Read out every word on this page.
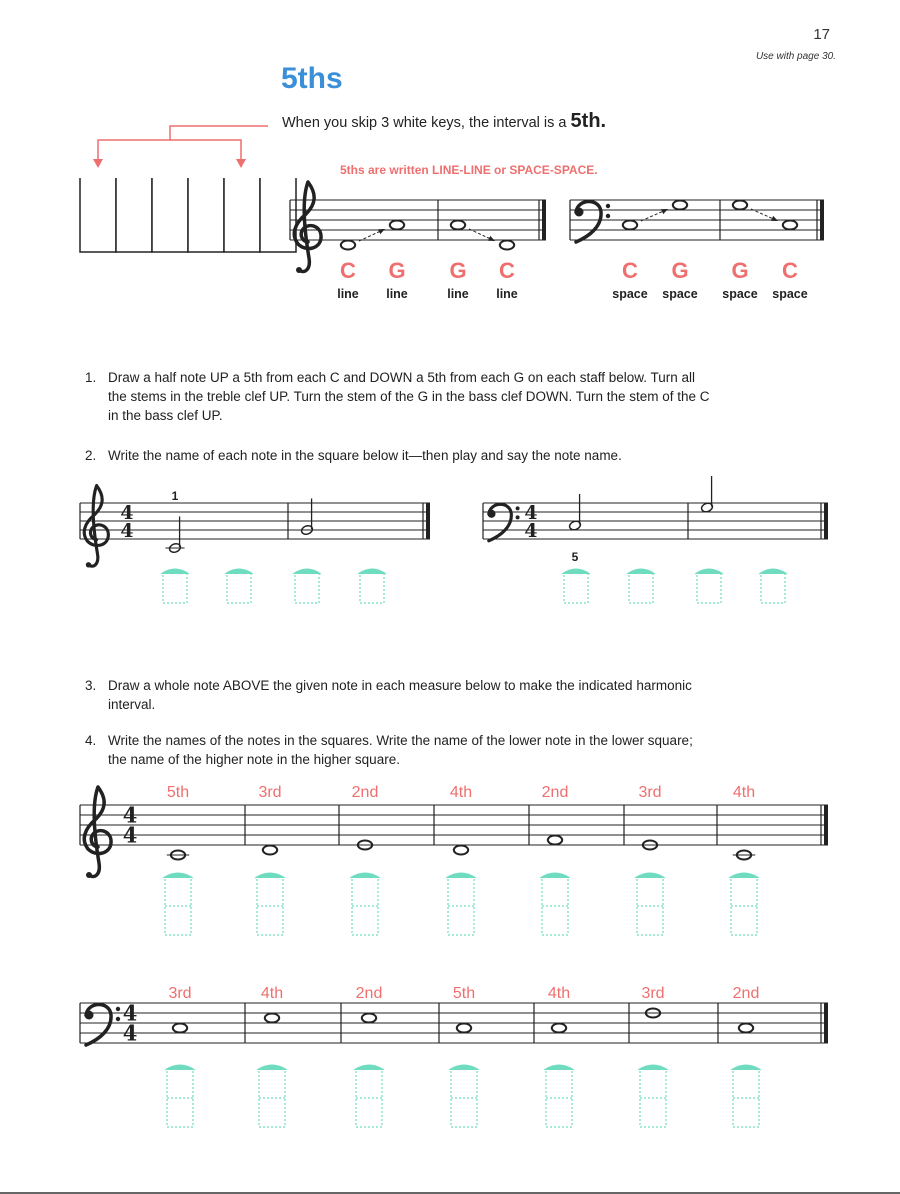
17
Use with page 30.
5ths
When you skip 3 white keys, the interval is a 5th.
5ths are written LINE-LINE or SPACE-SPACE.
1. Draw a half note UP a 5th from each C and DOWN a 5th from each G on each staff below. Turn all
the stems in the treble clef UP. Turn the stem of the G in the bass clef DOWN. Turn the stem of the C
in the bass clef UP.
2. Write the name of each note in the square below it—then play and say the note name.
3. Draw a whole note ABOVE the given note in each measure below to make the indicated harmonic
interval.
4. Write the names of the notes in the squares. Write the name of the lower note in the lower square;
the name of the higher note in the higher square.
C
line
G
line
G
line
C
line
C
space
G
space
G
space
C
space
4
4
1
4
4
5
4
4
5th	3rd	2nd	4th	2nd	3rd	4th
4
4
3rd	4th	2nd	5th	4th	3rd	2nd
